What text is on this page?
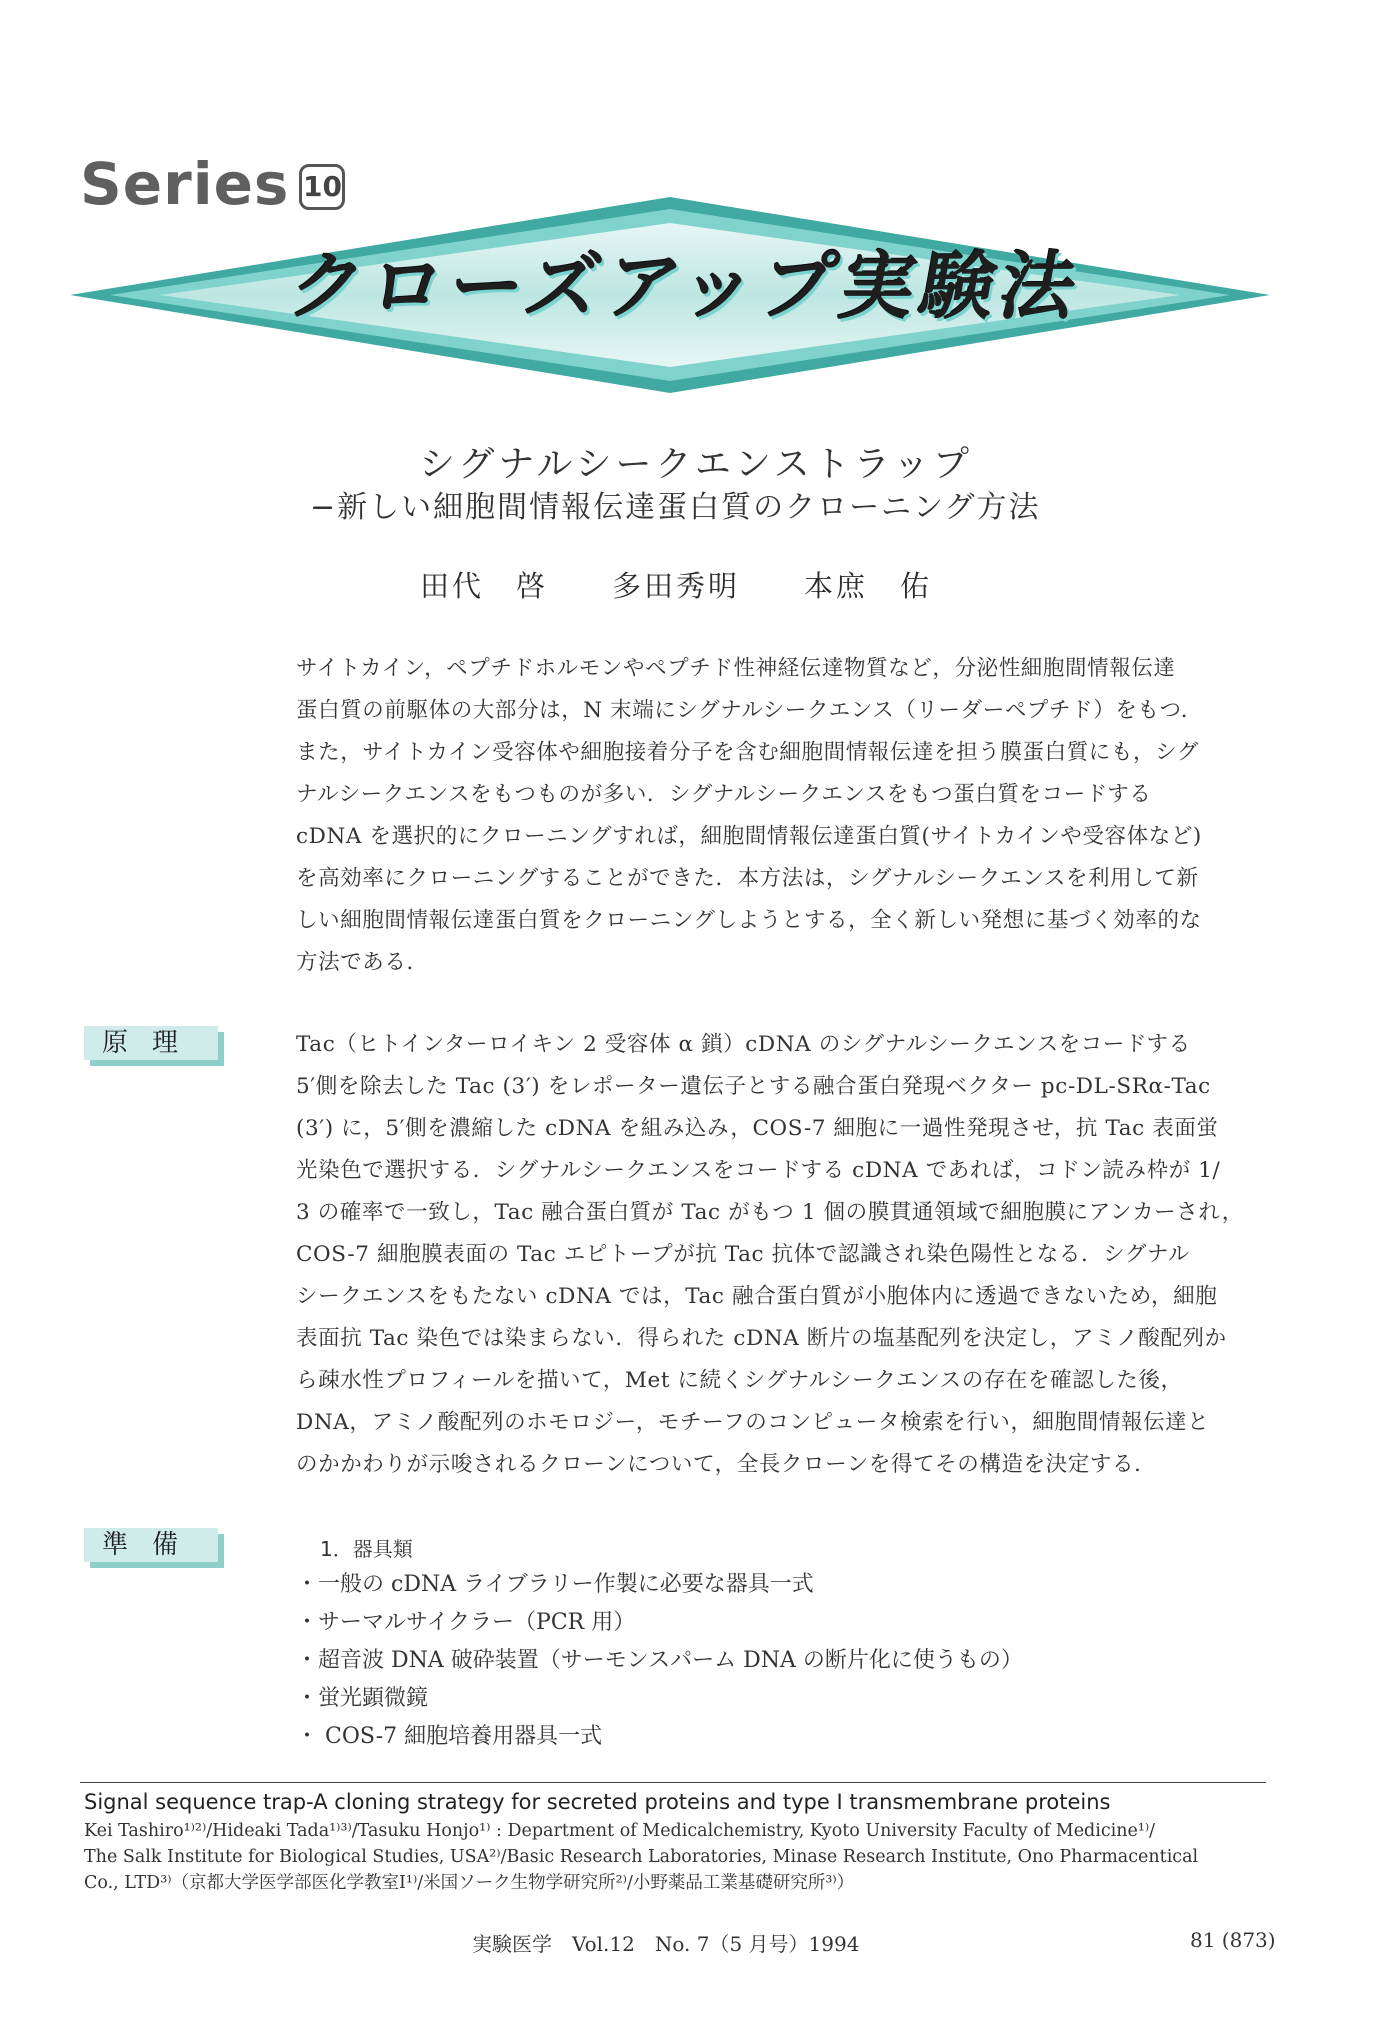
Series 10
クローズアップ実験法
シグナルシークエンストラップ
−新しい細胞間情報伝達蛋白質のクローニング方法
田代　啓 多田秀明 本庶　佑
サイトカイン，ペプチドホルモンやペプチド性神経伝達物質など，分泌性細胞間情報伝達
蛋白質の前駆体の大部分は，N 末端にシグナルシークエンス（リーダーペプチド）をもつ．
また，サイトカイン受容体や細胞接着分子を含む細胞間情報伝達を担う膜蛋白質にも，シグ
ナルシークエンスをもつものが多い．シグナルシークエンスをもつ蛋白質をコードする
cDNA を選択的にクローニングすれば，細胞間情報伝達蛋白質(サイトカインや受容体など)
を高効率にクローニングすることができた．本方法は，シグナルシークエンスを利用して新
しい細胞間情報伝達蛋白質をクローニングしようとする，全く新しい発想に基づく効率的な
方法である．
原理	Tac（ヒトインターロイキン 2 受容体 α 鎖）cDNA のシグナルシークエンスをコードする
5′側を除去した Tac (3′) をレポーター遺伝子とする融合蛋白発現ベクター pc-DL-SRα-Tac
(3′) に，5′側を濃縮した cDNA を組み込み，COS-7 細胞に一過性発現させ，抗 Tac 表面蛍
光染色で選択する．シグナルシークエンスをコードする cDNA であれば，コドン読み枠が 1/
3 の確率で一致し，Tac 融合蛋白質が Tac がもつ 1 個の膜貫通領域で細胞膜にアンカーされ，
COS-7 細胞膜表面の Tac エピトープが抗 Tac 抗体で認識され染色陽性となる．シグナル
シークエンスをもたない cDNA では，Tac 融合蛋白質が小胞体内に透過できないため，細胞
表面抗 Tac 染色では染まらない．得られた cDNA 断片の塩基配列を決定し，アミノ酸配列か
ら疎水性プロフィールを描いて，Met に続くシグナルシークエンスの存在を確認した後，
DNA，アミノ酸配列のホモロジー，モチーフのコンピュータ検索を行い，細胞間情報伝達と
のかかわりが示唆されるクローンについて，全長クローンを得てその構造を決定する．
準備	1．器具類
・一般の cDNA ライブラリー作製に必要な器具一式
・サーマルサイクラー（PCR 用）
・超音波 DNA 破砕装置（サーモンスパーム DNA の断片化に使うもの）
・蛍光顕微鏡
・ COS-7 細胞培養用器具一式
Signal sequence trap-A cloning strategy for secreted proteins and type Ⅰ transmembrane proteins
Kei Tashiro¹⁾²⁾/Hideaki Tada¹⁾³⁾/Tasuku Honjo¹⁾ : Department of Medicalchemistry, Kyoto University Faculty of Medicine¹⁾/
The Salk Institute for Biological Studies, USA²⁾/Basic Research Laboratories, Minase Research Institute, Ono Pharmacentical
Co., LTD³⁾（京都大学医学部医化学教室Ⅰ¹⁾/米国ソーク生物学研究所²⁾/小野薬品工業基礎研究所³⁾）
実験医学　Vol.12　No. 7（5 月号）1994	81 (873)
